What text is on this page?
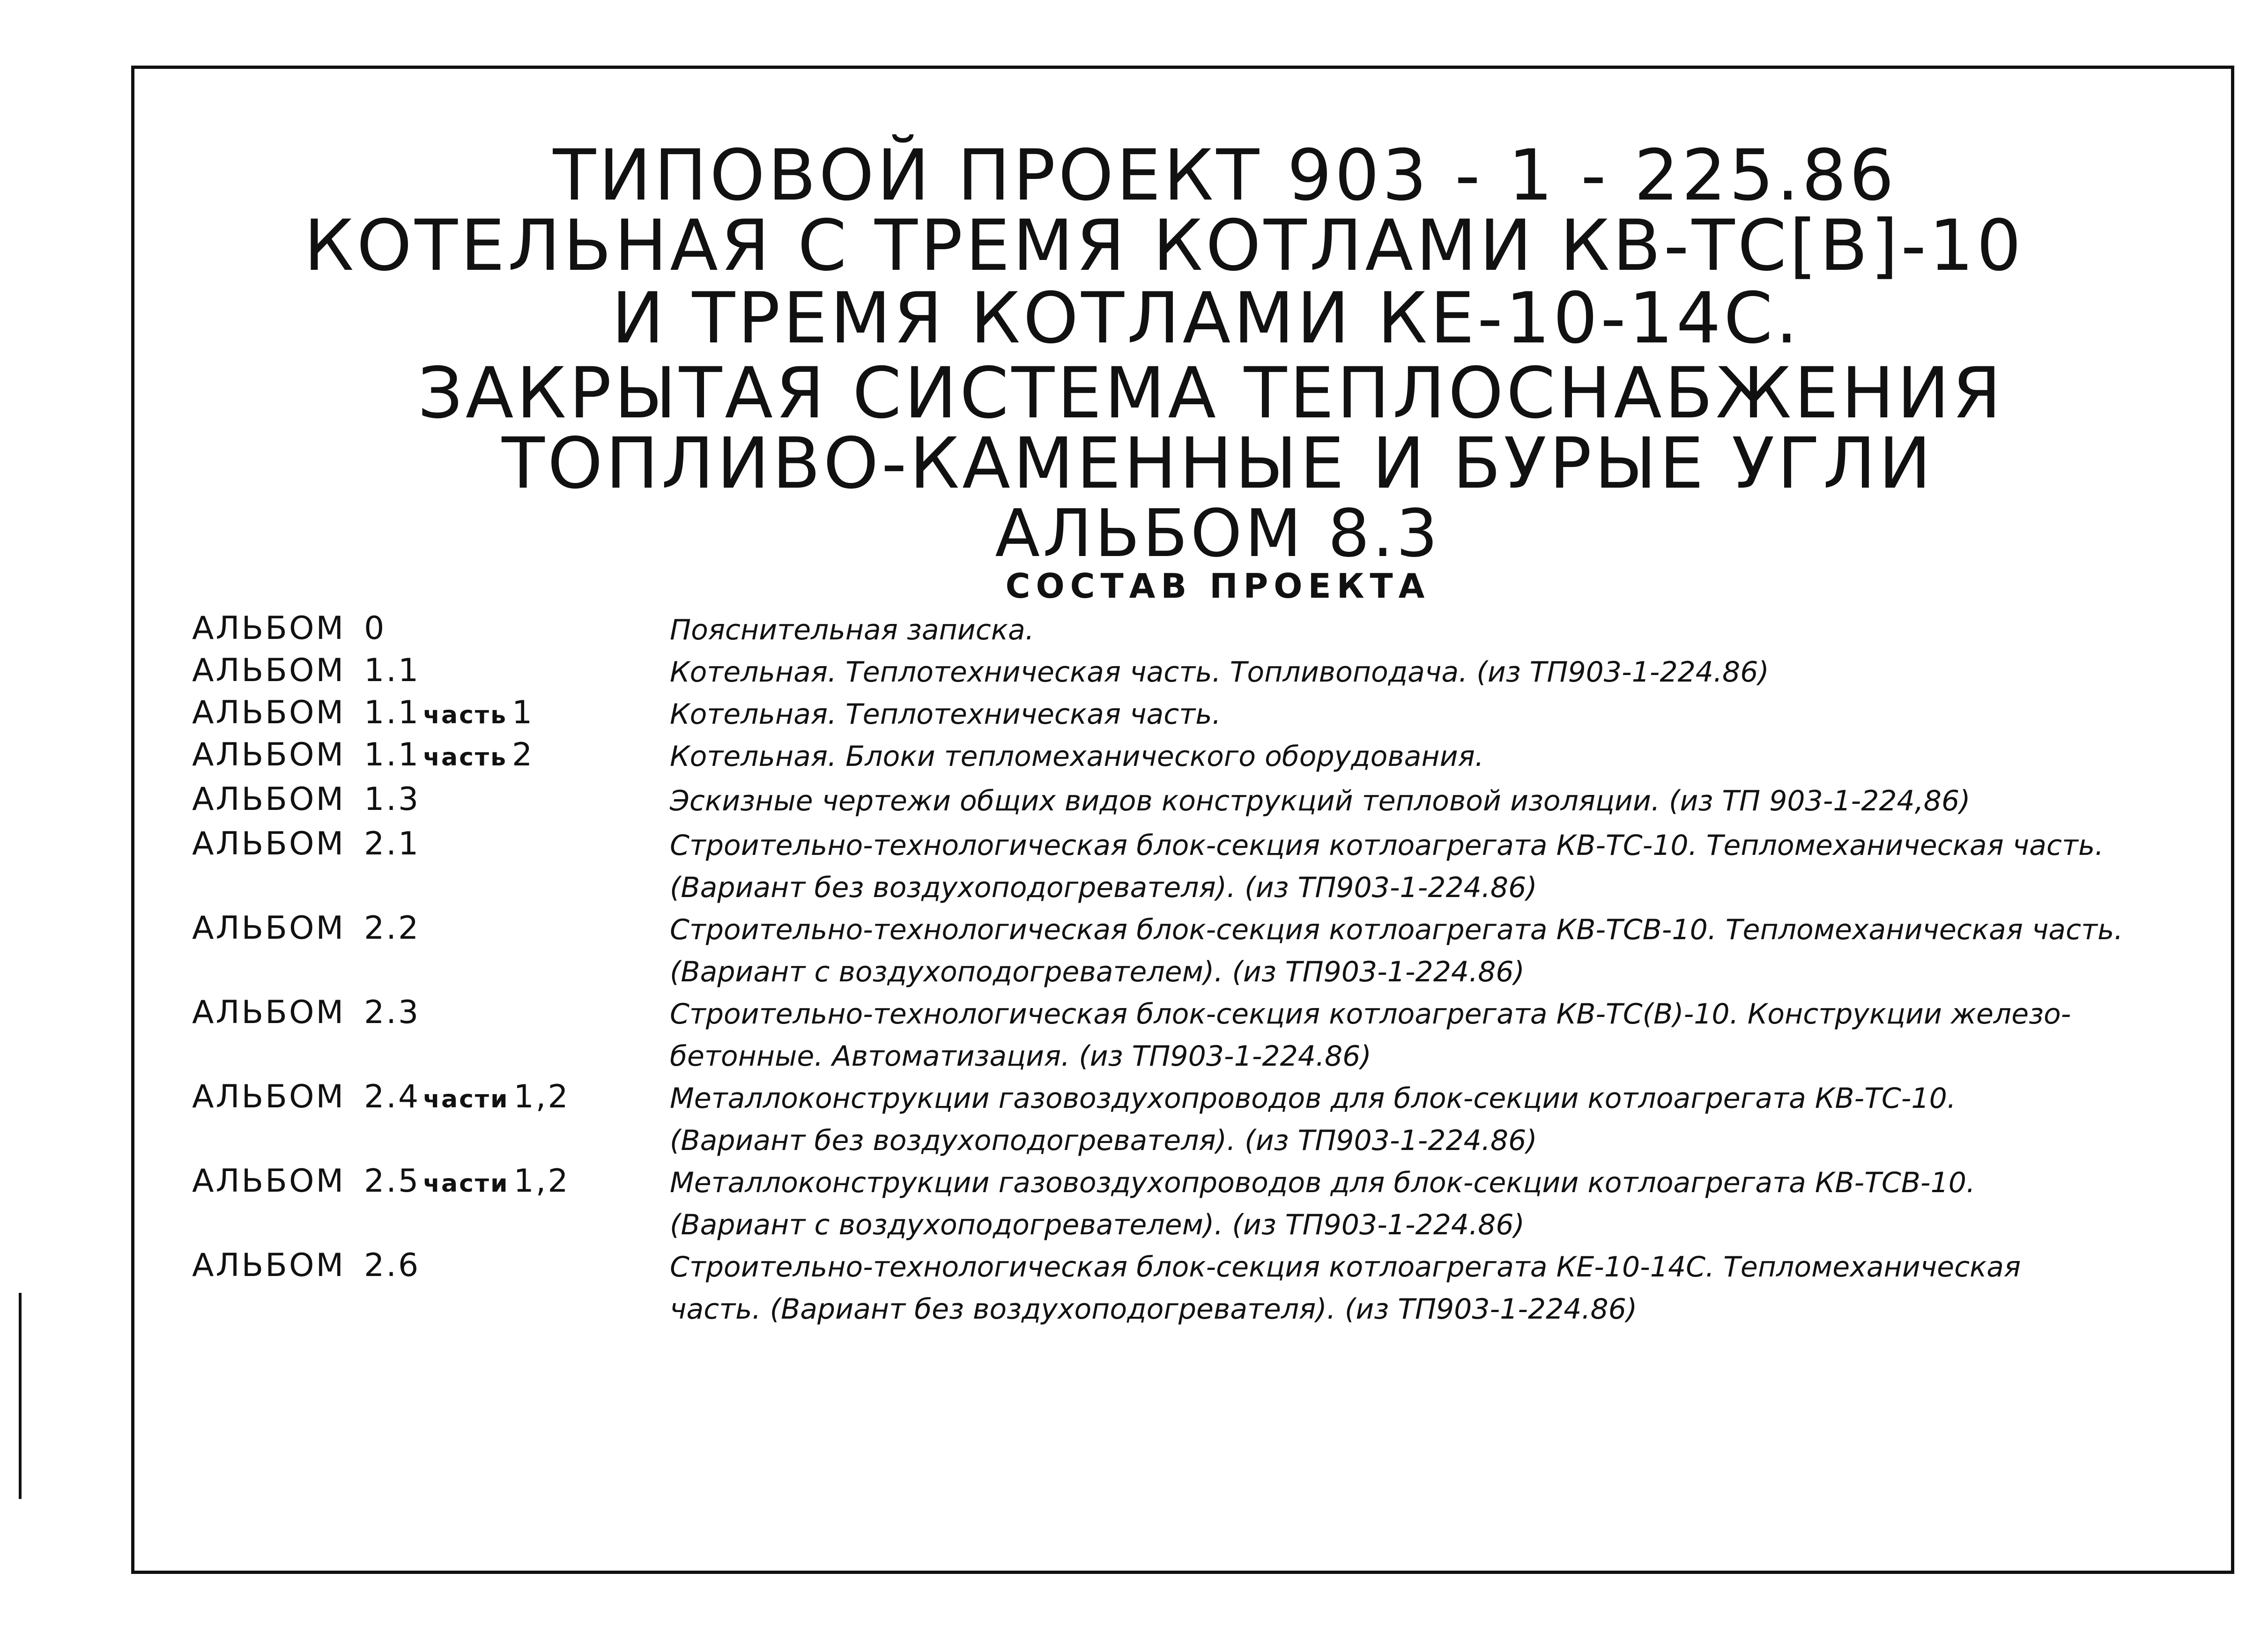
ТИПОВОЙ ПРОЕКТ 903 - 1 - 225.86
КОТЕЛЬНАЯ С ТРЕМЯ КОТЛАМИ КВ-ТС[В]-10
И ТРЕМЯ КОТЛАМИ КЕ-10-14С.
ЗАКРЫТАЯ СИСТЕМА ТЕПЛОСНАБЖЕНИЯ
ТОПЛИВО-КАМЕННЫЕ И БУРЫЕ УГЛИ
АЛЬБОМ 8.3
СОСТАВ ПРОЕКТА
АЛЬБОМ 0	Пояснительная записка.
АЛЬБОМ 1.1	Котельная. Теплотехническая часть. Топливоподача. (из ТП903-1-224.86)
АЛЬБОМ 1.1 часть 1	Котельная. Теплотехническая часть.
АЛЬБОМ 1.1 часть 2	Котельная. Блоки тепломеханического оборудования.
АЛЬБОМ 1.3	Эскизные чертежи общих видов конструкций тепловой изоляции. (из ТП 903-1-224,86)
АЛЬБОМ 2.1	Строительно-технологическая блок-секция котлоагрегата КВ-ТС-10. Тепломеханическая часть.
(Вариант без воздухоподогревателя). (из ТП903-1-224.86)
АЛЬБОМ 2.2	Строительно-технологическая блок-секция котлоагрегата КВ-ТСВ-10. Тепломеханическая часть.
(Вариант с воздухоподогревателем). (из ТП903-1-224.86)
АЛЬБОМ 2.3	Строительно-технологическая блок-секция котлоагрегата КВ-ТС(В)-10. Конструкции железо-
бетонные. Автоматизация. (из ТП903-1-224.86)
АЛЬБОМ 2.4 части 1,2	Металлоконструкции газовоздухопроводов для блок-секции котлоагрегата КВ-ТС-10.
(Вариант без воздухоподогревателя). (из ТП903-1-224.86)
АЛЬБОМ 2.5 части 1,2	Металлоконструкции газовоздухопроводов для блок-секции котлоагрегата КВ-ТСВ-10.
(Вариант с воздухоподогревателем). (из ТП903-1-224.86)
АЛЬБОМ 2.6	Строительно-технологическая блок-секция котлоагрегата КЕ-10-14С. Тепломеханическая
часть. (Вариант без воздухоподогревателя). (из ТП903-1-224.86)
